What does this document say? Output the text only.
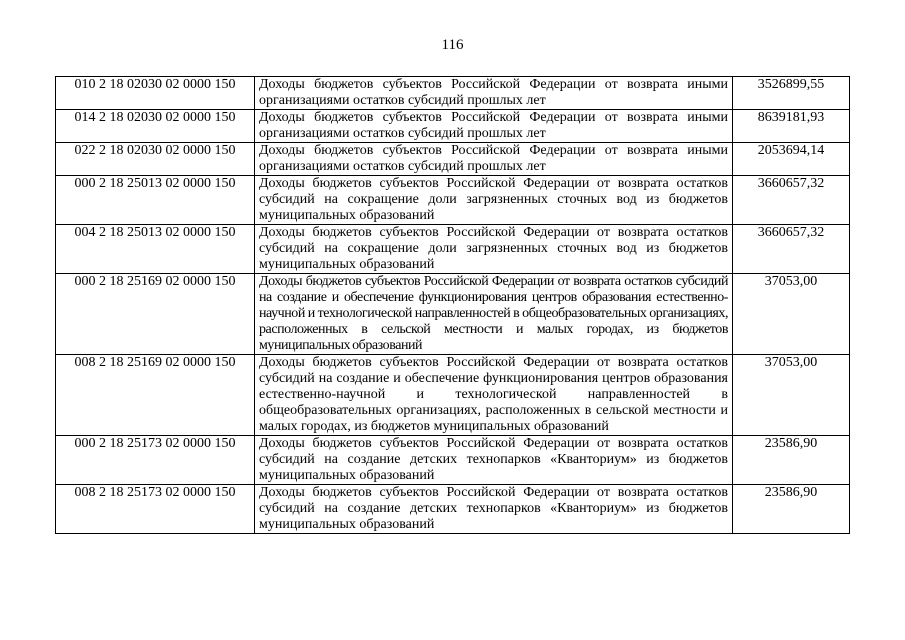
116
010 2 18 02030 02 0000 150	Доходы бюджетов субъектов Российской Федерации от возврата иными организациями остатков субсидий прошлых лет	3526899,55
014 2 18 02030 02 0000 150	Доходы бюджетов субъектов Российской Федерации от возврата иными организациями остатков субсидий прошлых лет	8639181,93
022 2 18 02030 02 0000 150	Доходы бюджетов субъектов Российской Федерации от возврата иными организациями остатков субсидий прошлых лет	2053694,14
000 2 18 25013 02 0000 150	Доходы бюджетов субъектов Российской Федерации от возврата остатков субсидий на сокращение доли загрязненных сточных вод из бюджетов муниципальных образований	3660657,32
004 2 18 25013 02 0000 150	Доходы бюджетов субъектов Российской Федерации от возврата остатков субсидий на сокращение доли загрязненных сточных вод из бюджетов муниципальных образований	3660657,32
000 2 18 25169 02 0000 150	Доходы бюджетов субъектов Российской Федерации от возврата остатков субсидий на создание и обеспечение функционирования центров образования естественно-научной и технологической направленностей в общеобразовательных организациях, расположенных в сельской местности и малых городах, из бюджетов муниципальных образований	37053,00
008 2 18 25169 02 0000 150	Доходы бюджетов субъектов Российской Федерации от возврата остатков субсидий на создание и обеспечение функционирования центров образования естественно-научной и технологической направленностей в общеобразовательных организациях, расположенных в сельской местности и малых городах, из бюджетов муниципальных образований	37053,00
000 2 18 25173 02 0000 150	Доходы бюджетов субъектов Российской Федерации от возврата остатков субсидий на создание детских технопарков «Кванториум» из бюджетов муниципальных образований	23586,90
008 2 18 25173 02 0000 150	Доходы бюджетов субъектов Российской Федерации от возврата остатков субсидий на создание детских технопарков «Кванториум» из бюджетов муниципальных образований	23586,90
